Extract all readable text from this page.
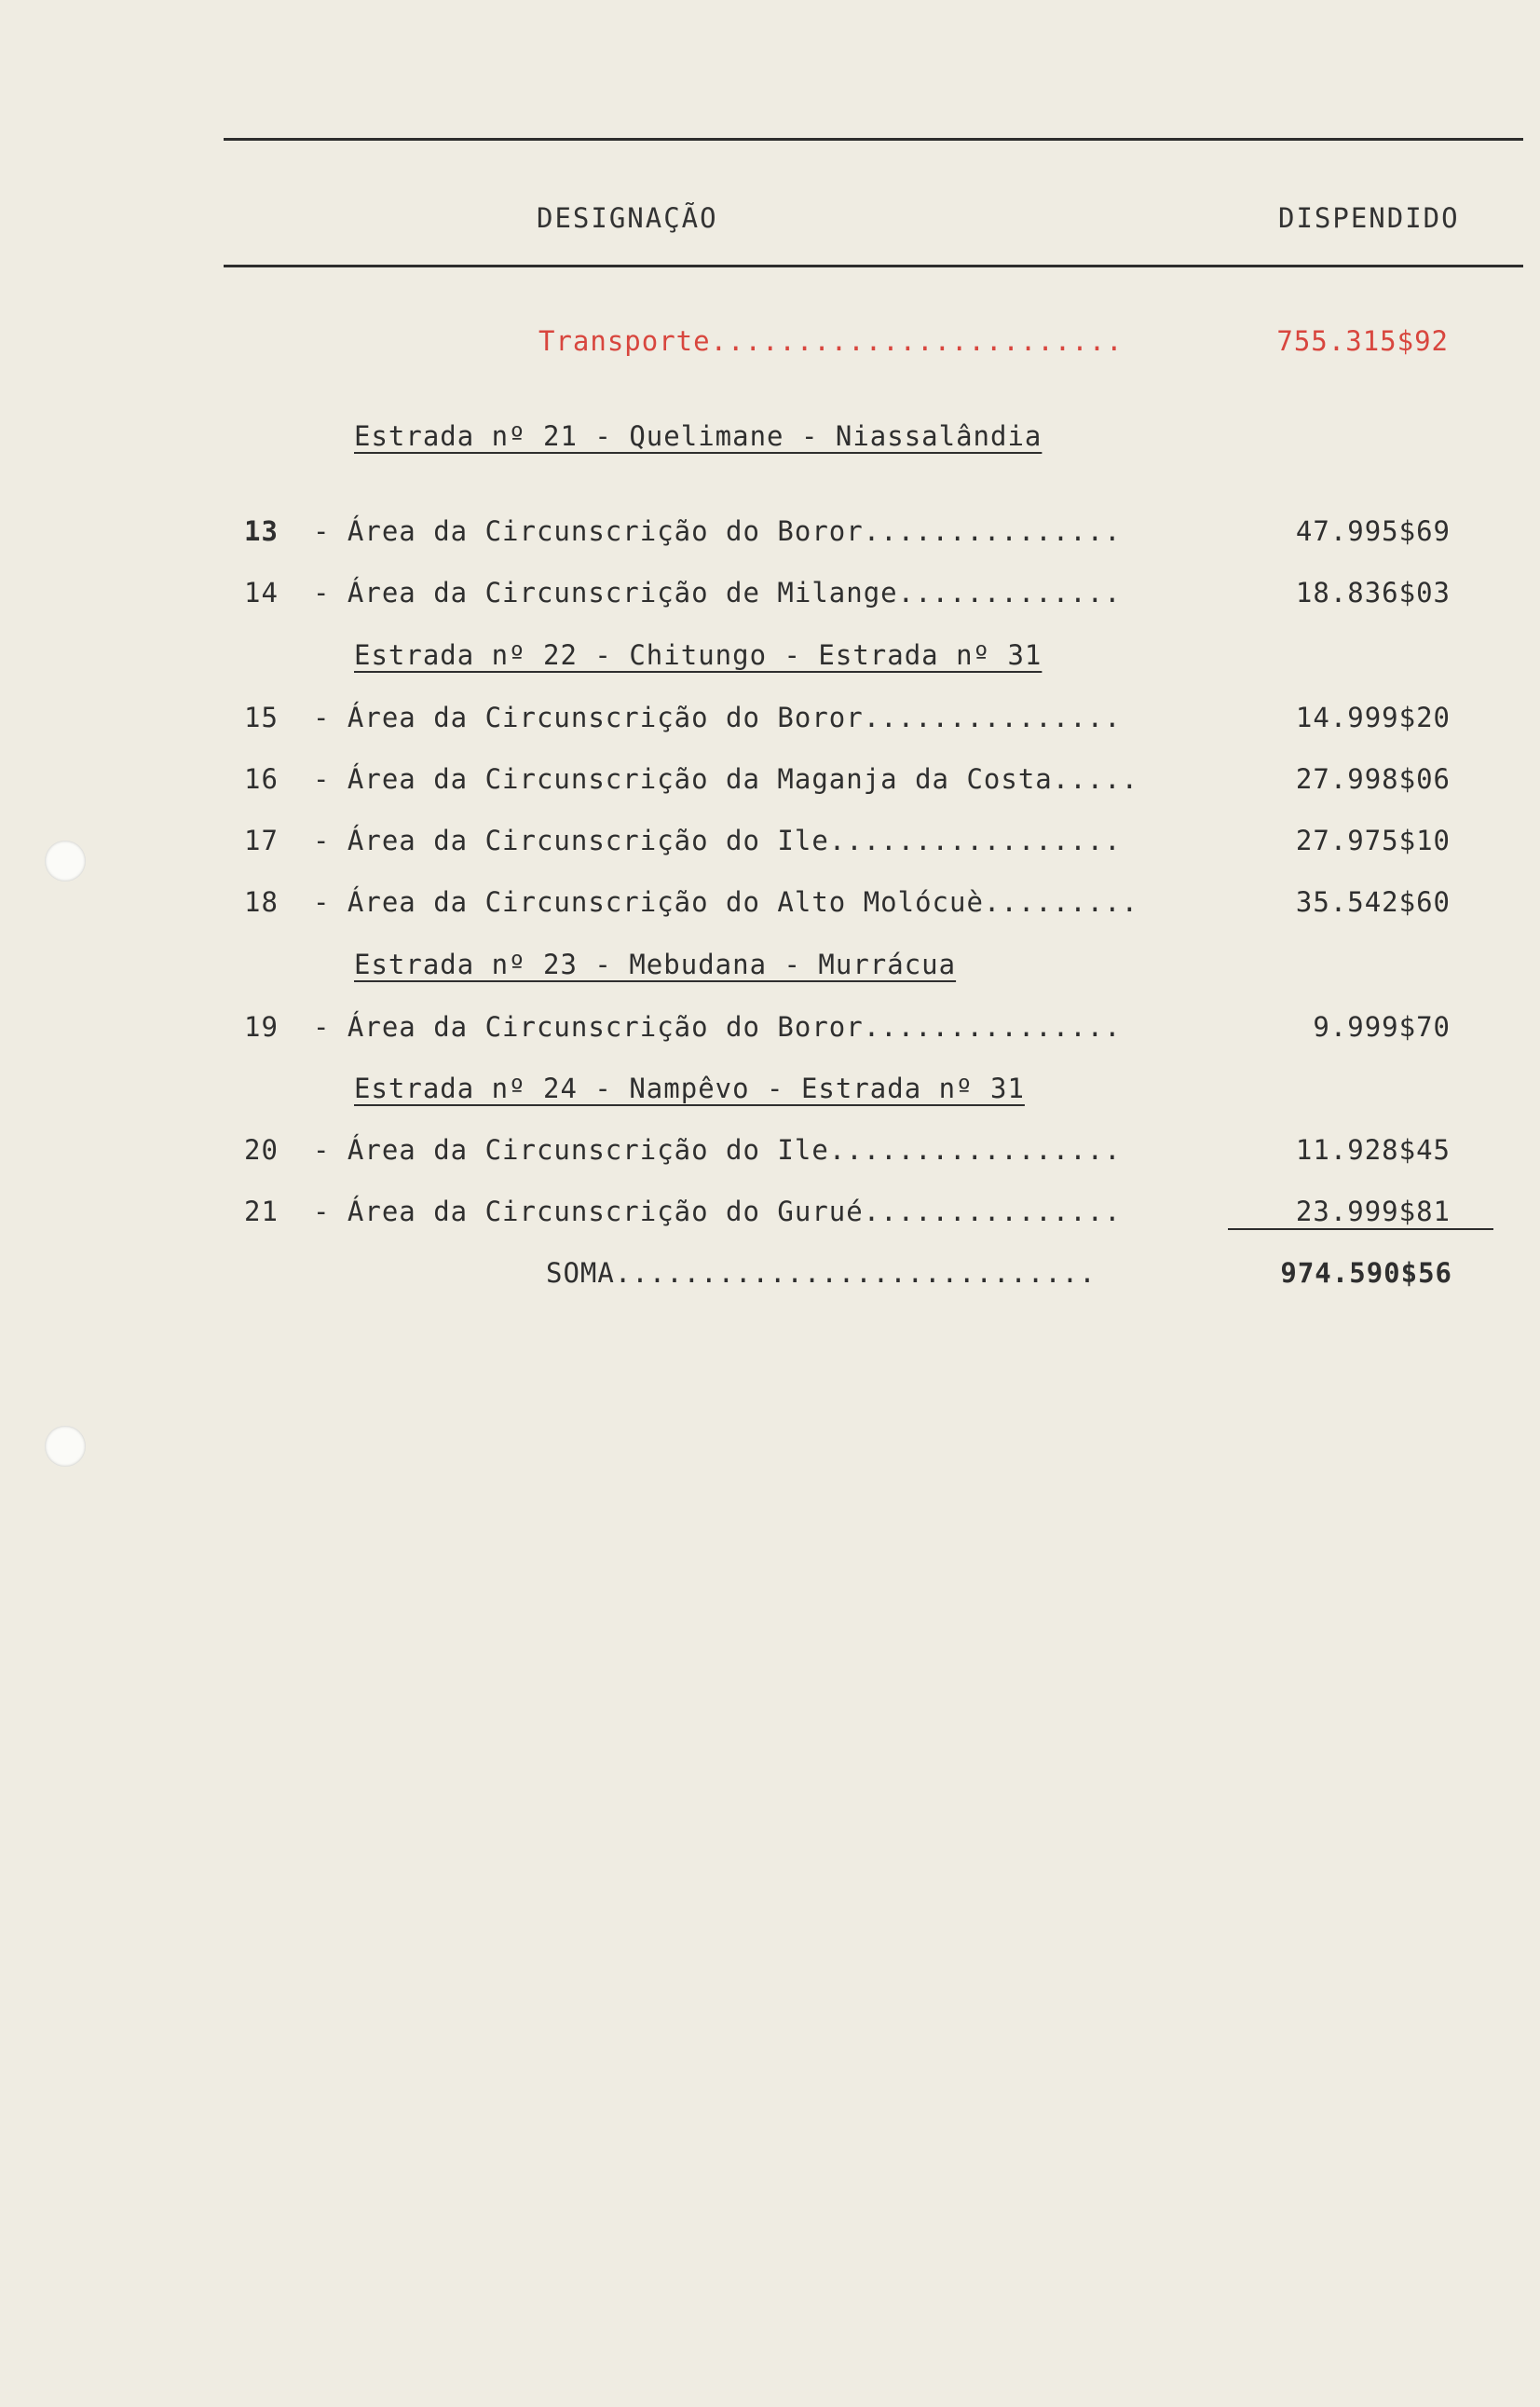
DESIGNAÇÃO	DISPENDIDO
Transporte........................	755.315$92
Estrada nº 21 - Quelimane - Niassalândia
13 - Área da Circunscrição do Boror...............	47.995$69
14 - Área da Circunscrição de Milange.............	18.836$03
Estrada nº 22 - Chitungo - Estrada nº 31
15 - Área da Circunscrição do Boror...............	14.999$20
16 - Área da Circunscrição da Maganja da Costa.....	27.998$06
17 - Área da Circunscrição do Ile.................	27.975$10
18 - Área da Circunscrição do Alto Molócuè.........	35.542$60
Estrada nº 23 - Mebudana - Murrácua
19 - Área da Circunscrição do Boror...............	9.999$70
Estrada nº 24 - Nampêvo - Estrada nº 31
20 - Área da Circunscrição do Ile.................	11.928$45
21 - Área da Circunscrição do Gurué...............	23.999$81
SOMA............................	974.590$56
